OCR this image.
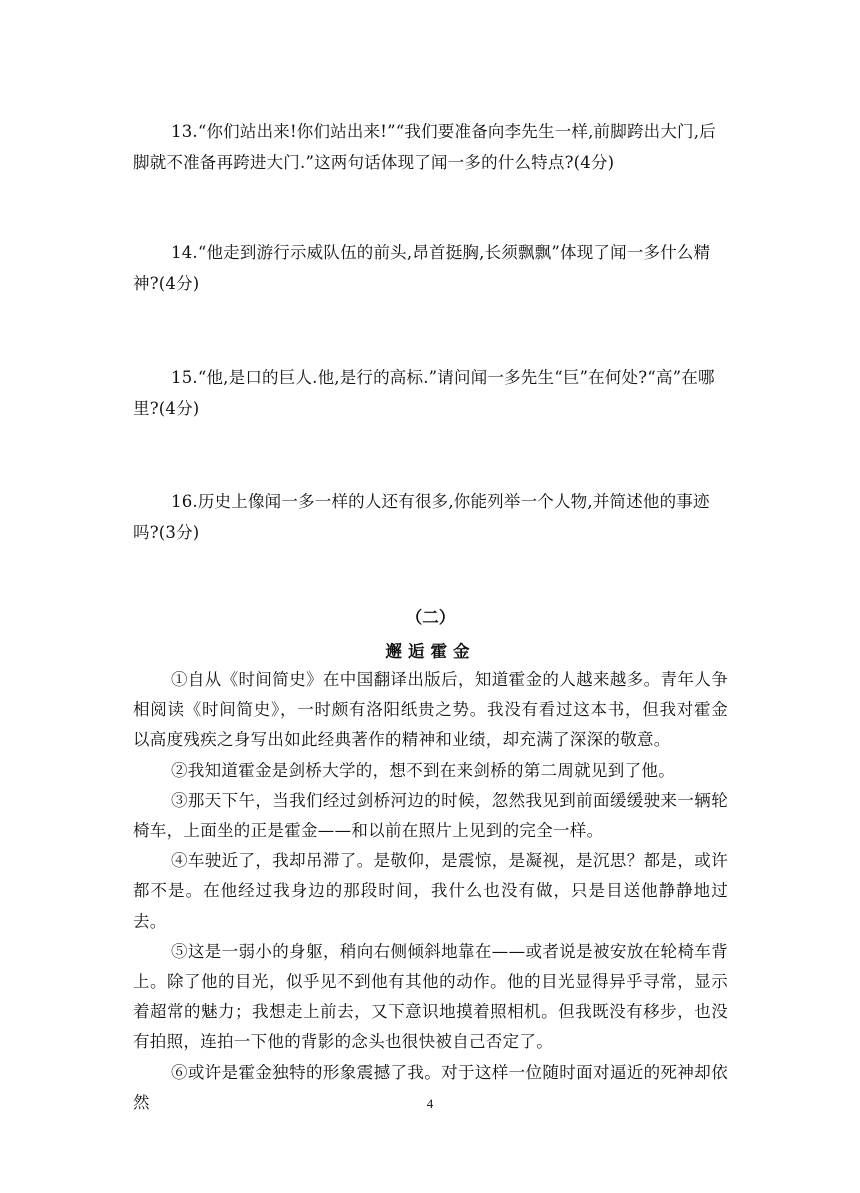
13.“你们站出来!你们站出来!”“我们要准备向李先生一样,前脚跨出大门,后脚就不准备再跨进大门.”这两句话体现了闻一多的什么特点?(4分)

14.“他走到游行示威队伍的前头,昂首挺胸,长须飘飘”体现了闻一多什么精神?(4分)

15.“他,是口的巨人.他,是行的高标.”请问闻一多先生“巨”在何处?“高”在哪里?(4分)

16.历史上像闻一多一样的人还有很多,你能列举一个人物,并简述他的事迹吗?(3分)

（二）
邂逅霍金

①自从《时间简史》在中国翻译出版后，知道霍金的人越来越多。青年人争相阅读《时间简史》，一时颇有洛阳纸贵之势。我没有看过这本书，但我对霍金以高度残疾之身写出如此经典著作的精神和业绩，却充满了深深的敬意。

②我知道霍金是剑桥大学的，想不到在来剑桥的第二周就见到了他。

③那天下午，当我们经过剑桥河边的时候，忽然我见到前面缓缓驶来一辆轮椅车，上面坐的正是霍金——和以前在照片上见到的完全一样。

④车驶近了，我却吊滞了。是敬仰，是震惊，是凝视，是沉思？都是，或许都不是。在他经过我身边的那段时间，我什么也没有做，只是目送他静静地过去。

⑤这是一弱小的身躯，稍向右侧倾斜地靠在——或者说是被安放在轮椅车背上。除了他的目光，似乎见不到他有其他的动作。他的目光显得异乎寻常，显示着超常的魅力；我想走上前去，又下意识地摸着照相机。但我既没有移步，也没有拍照，连拍一下他的背影的念头也很快被自己否定了。

⑥或许是霍金独特的形象震撼了我。对于这样一位随时面对逼近的死神却依然	4
